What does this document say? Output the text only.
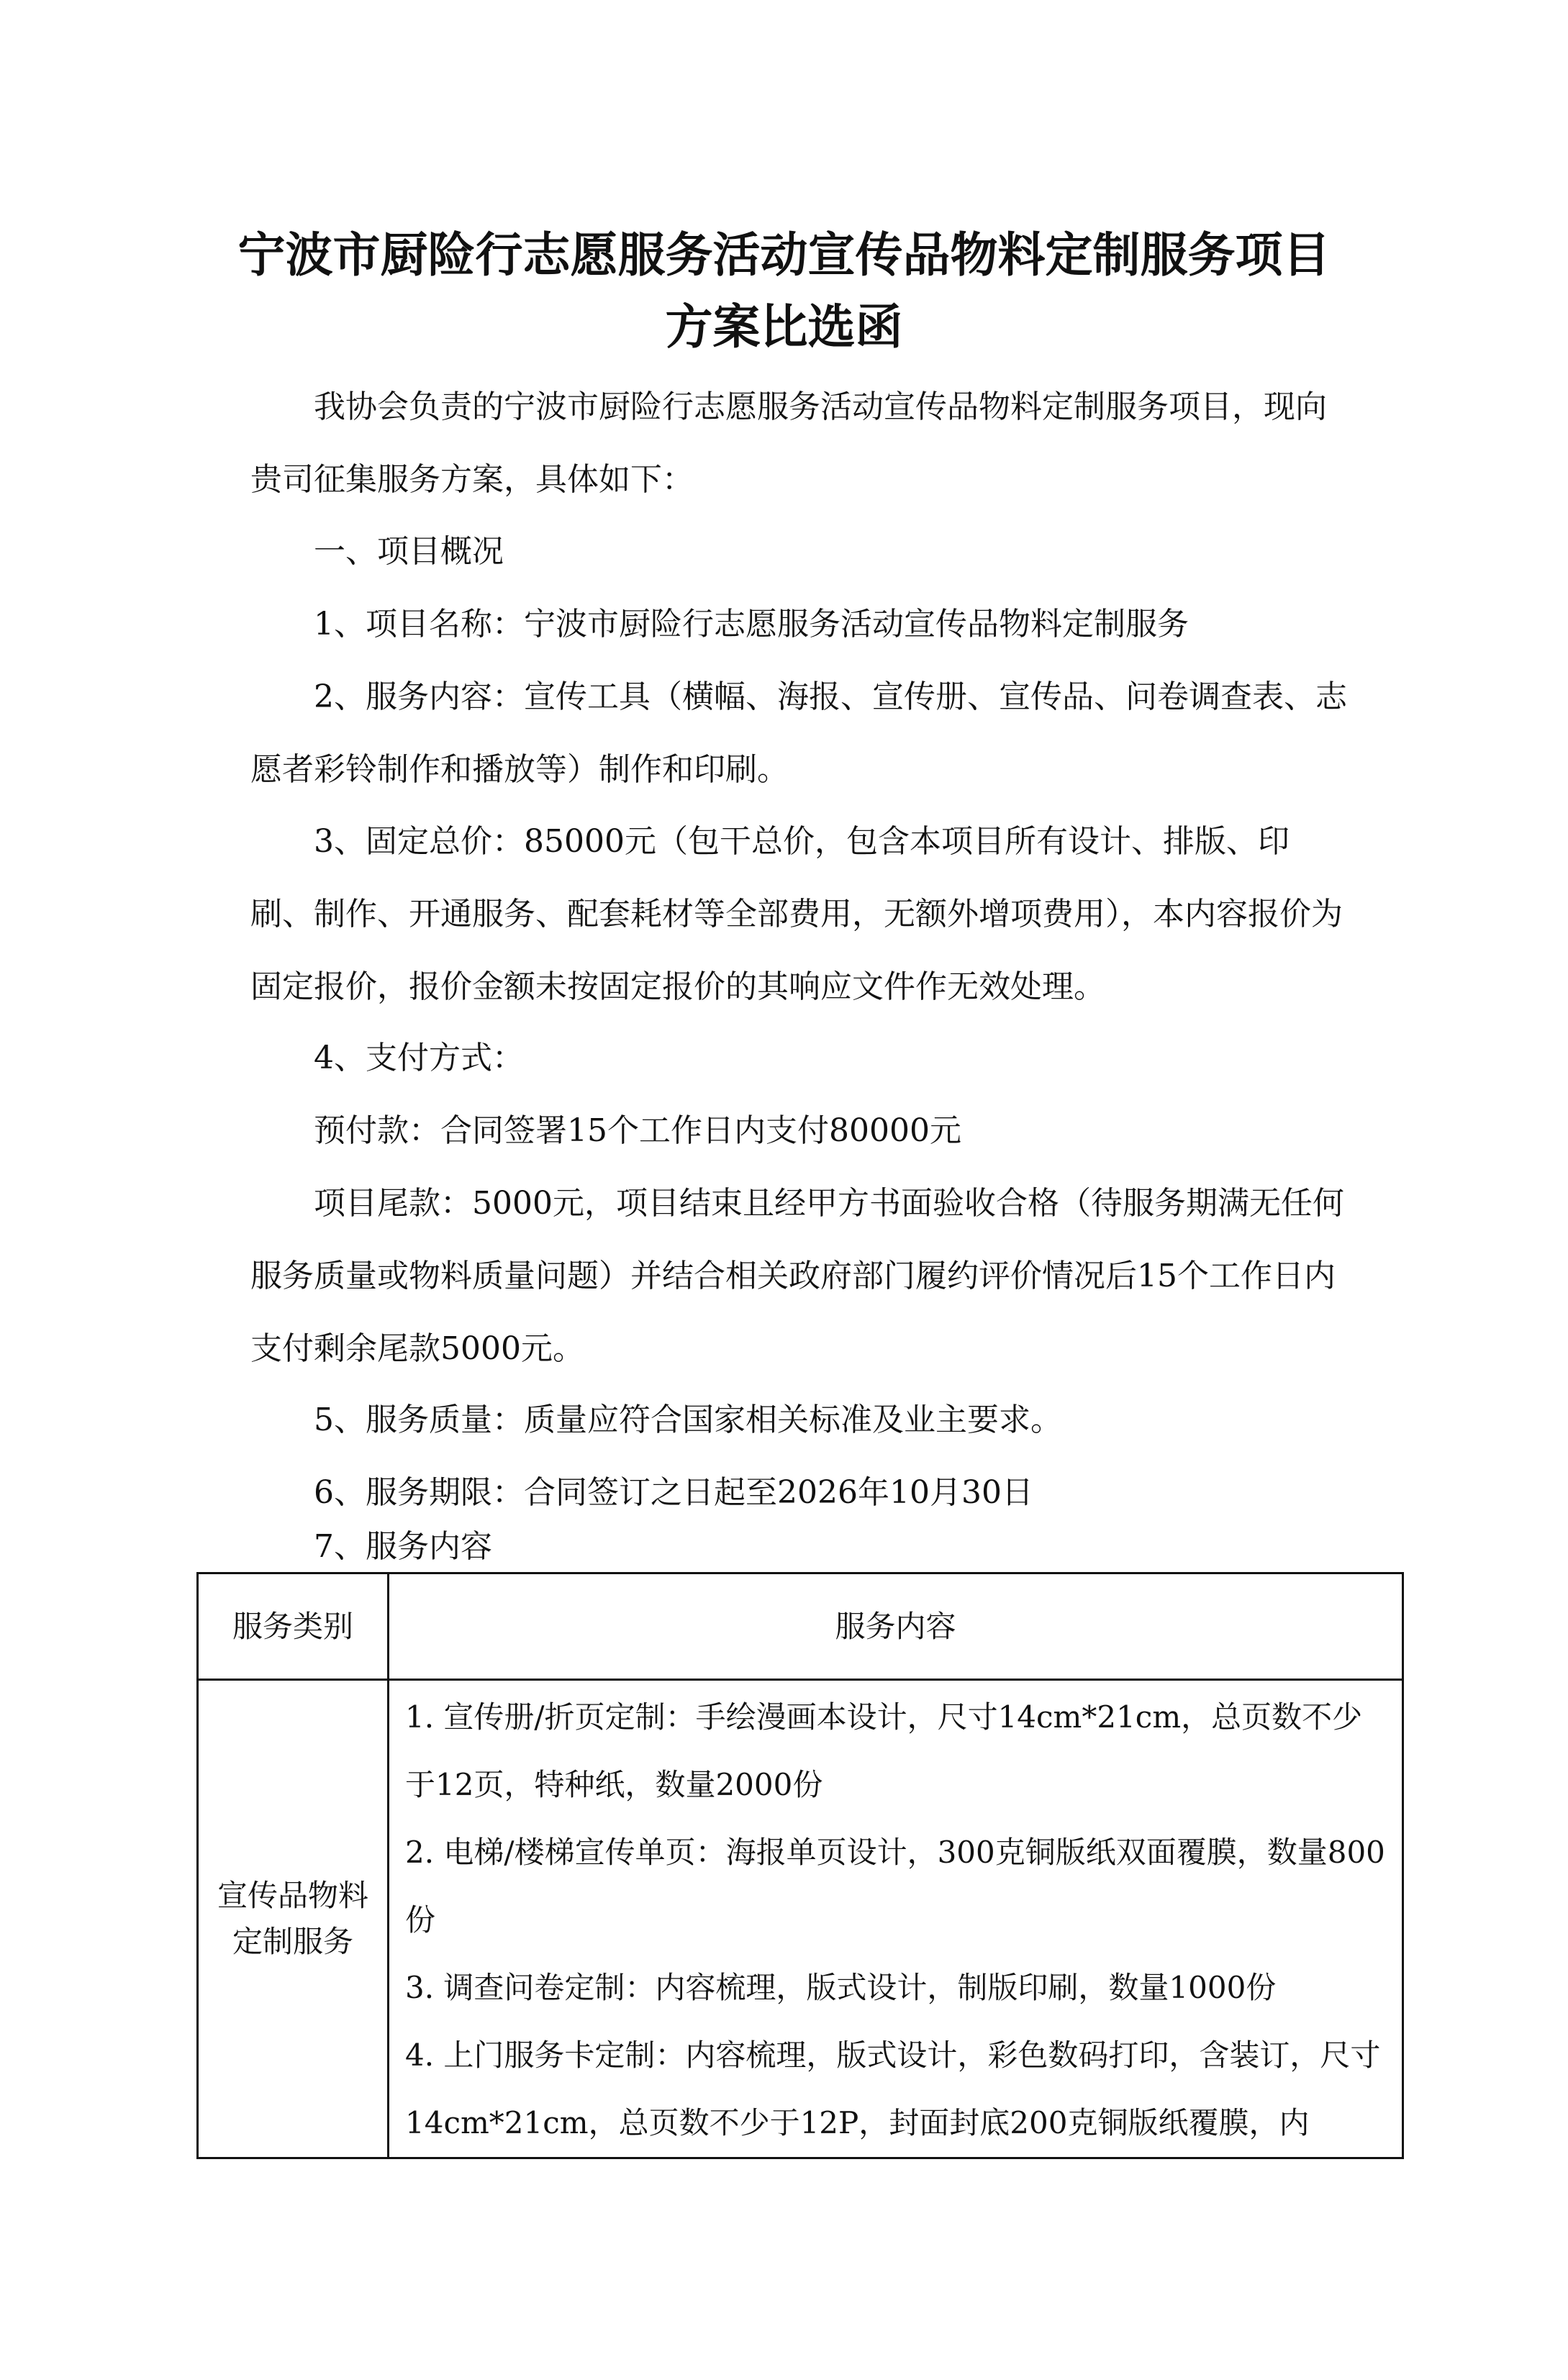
宁波市厨险行志愿服务活动宣传品物料定制服务项目
方案比选函

我协会负责的宁波市厨险行志愿服务活动宣传品物料定制服务项目，现向贵司征集服务方案，具体如下：

一、项目概况

1、项目名称：宁波市厨险行志愿服务活动宣传品物料定制服务

2、服务内容：宣传工具（横幅、海报、宣传册、宣传品、问卷调查表、志愿者彩铃制作和播放等）制作和印刷。

3、固定总价：85000元（包干总价，包含本项目所有设计、排版、印刷、制作、开通服务、配套耗材等全部费用，无额外增项费用），本内容报价为固定报价，报价金额未按固定报价的其响应文件作无效处理。

4、支付方式：

预付款：合同签署15个工作日内支付80000元

项目尾款：5000元，项目结束且经甲方书面验收合格（待服务期满无任何服务质量或物料质量问题）并结合相关政府部门履约评价情况后15个工作日内支付剩余尾款5000元。

5、服务质量：质量应符合国家相关标准及业主要求。

6、服务期限：合同签订之日起至2026年10月30日

7、服务内容

服务类别	服务内容
宣传品物料定制服务	1. 宣传册/折页定制：手绘漫画本设计，尺寸14cm*21cm，总页数不少于12页，特种纸，数量2000份

2. 电梯/楼梯宣传单页：海报单页设计，300克铜版纸双面覆膜，数量800份

3. 调查问卷定制：内容梳理，版式设计，制版印刷，数量1000份

4. 上门服务卡定制：内容梳理，版式设计，彩色数码打印，含装订，尺寸14cm*21cm，总页数不少于12P，封面封底200克铜版纸覆膜，内
